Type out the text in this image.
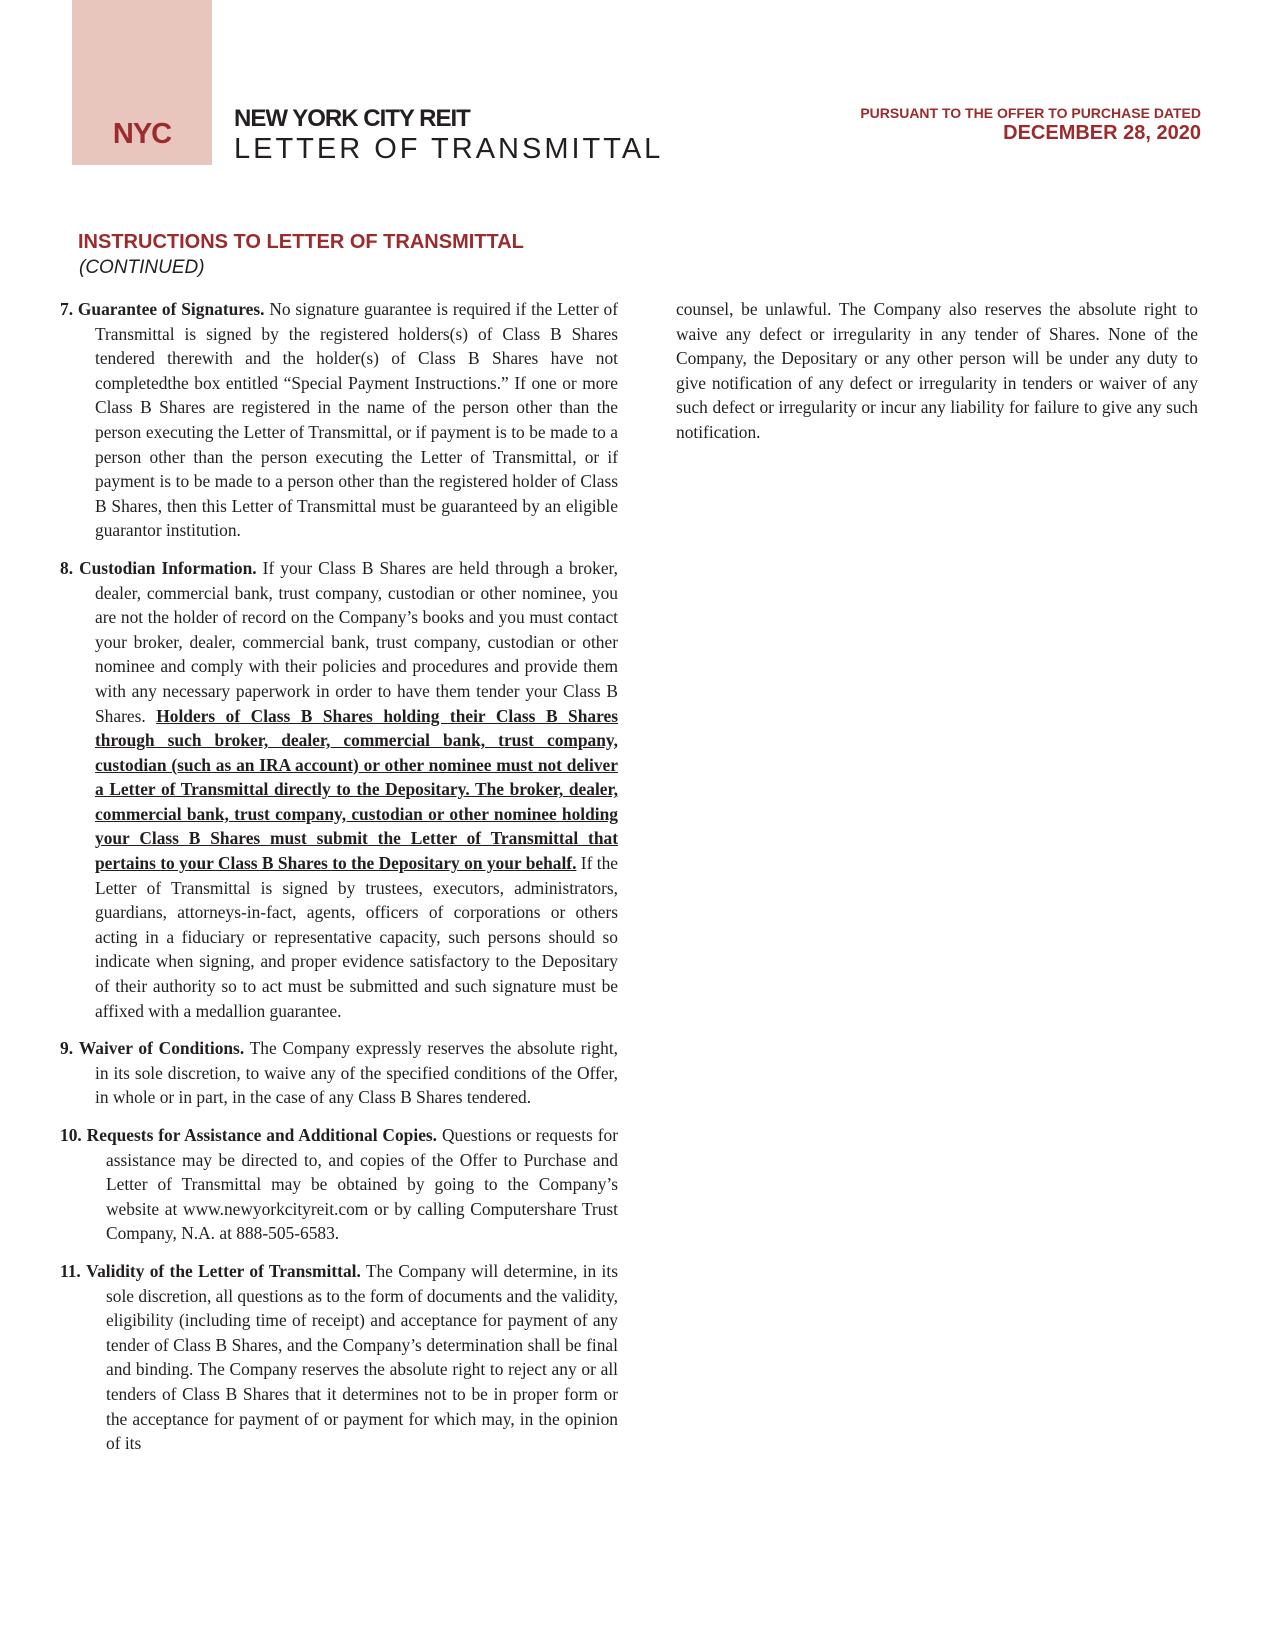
NYC	NEW YORK CITY REIT
LETTER OF TRANSMITTAL
PURSUANT TO THE OFFER TO PURCHASE DATED
DECEMBER 28, 2020
INSTRUCTIONS TO LETTER OF TRANSMITTAL
(CONTINUED)

7. Guarantee of Signatures. No signature guarantee is required if the Letter of Transmittal is signed by the registered holders(s) of Class B Shares tendered therewith and the holder(s) of Class B Shares have not completedthe box entitled “Special Payment Instructions.” If one or more Class B Shares are registered in the name of the person other than the person executing the Letter of Transmittal, or if payment is to be made to a person other than the person executing the Letter of Transmittal, or if payment is to be made to a person other than the registered holder of Class B Shares, then this Letter of Transmittal must be guaranteed by an eligible guarantor institution.

8. Custodian Information. If your Class B Shares are held through a broker, dealer, commercial bank, trust company, custodian or other nominee, you are not the holder of record on the Company’s books and you must contact your broker, dealer, commercial bank, trust company, custodian or other nominee and comply with their policies and procedures and provide them with any necessary paperwork in order to have them tender your Class B Shares. Holders of Class B Shares holding their Class B Shares through such broker, dealer, commercial bank, trust company, custodian (such as an IRA account) or other nominee must not deliver a Letter of Transmittal directly to the Depositary. The broker, dealer, commercial bank, trust company, custodian or other nominee holding your Class B Shares must submit the Letter of Transmittal that pertains to your Class B Shares to the Depositary on your behalf. If the Letter of Transmittal is signed by trustees, executors, administrators, guardians, attorneys-in-fact, agents, officers of corporations or others acting in a fiduciary or representative capacity, such persons should so indicate when signing, and proper evidence satisfactory to the Depositary of their authority so to act must be submitted and such signature must be affixed with a medallion guarantee.

9. Waiver of Conditions. The Company expressly reserves the absolute right, in its sole discretion, to waive any of the specified conditions of the Offer, in whole or in part, in the case of any Class B Shares tendered.

10. Requests for Assistance and Additional Copies. Questions or requests for assistance may be directed to, and copies of the Offer to Purchase and Letter of Transmittal may be obtained by going to the Company’s website at www.newyorkcityreit.com or by calling Computershare Trust Company, N.A. at 888-505-6583.

11. Validity of the Letter of Transmittal. The Company will determine, in its sole discretion, all questions as to the form of documents and the validity, eligibility (including time of receipt) and acceptance for payment of any tender of Class B Shares, and the Company’s determination shall be final and binding. The Company reserves the absolute right to reject any or all tenders of Class B Shares that it determines not to be in proper form or the acceptance for payment of or payment for which may, in the opinion of its

counsel, be unlawful. The Company also reserves the absolute right to waive any defect or irregularity in any tender of Shares. None of the Company, the Depositary or any other person will be under any duty to give notification of any defect or irregularity in tenders or waiver of any such defect or irregularity or incur any liability for failure to give any such notification.
